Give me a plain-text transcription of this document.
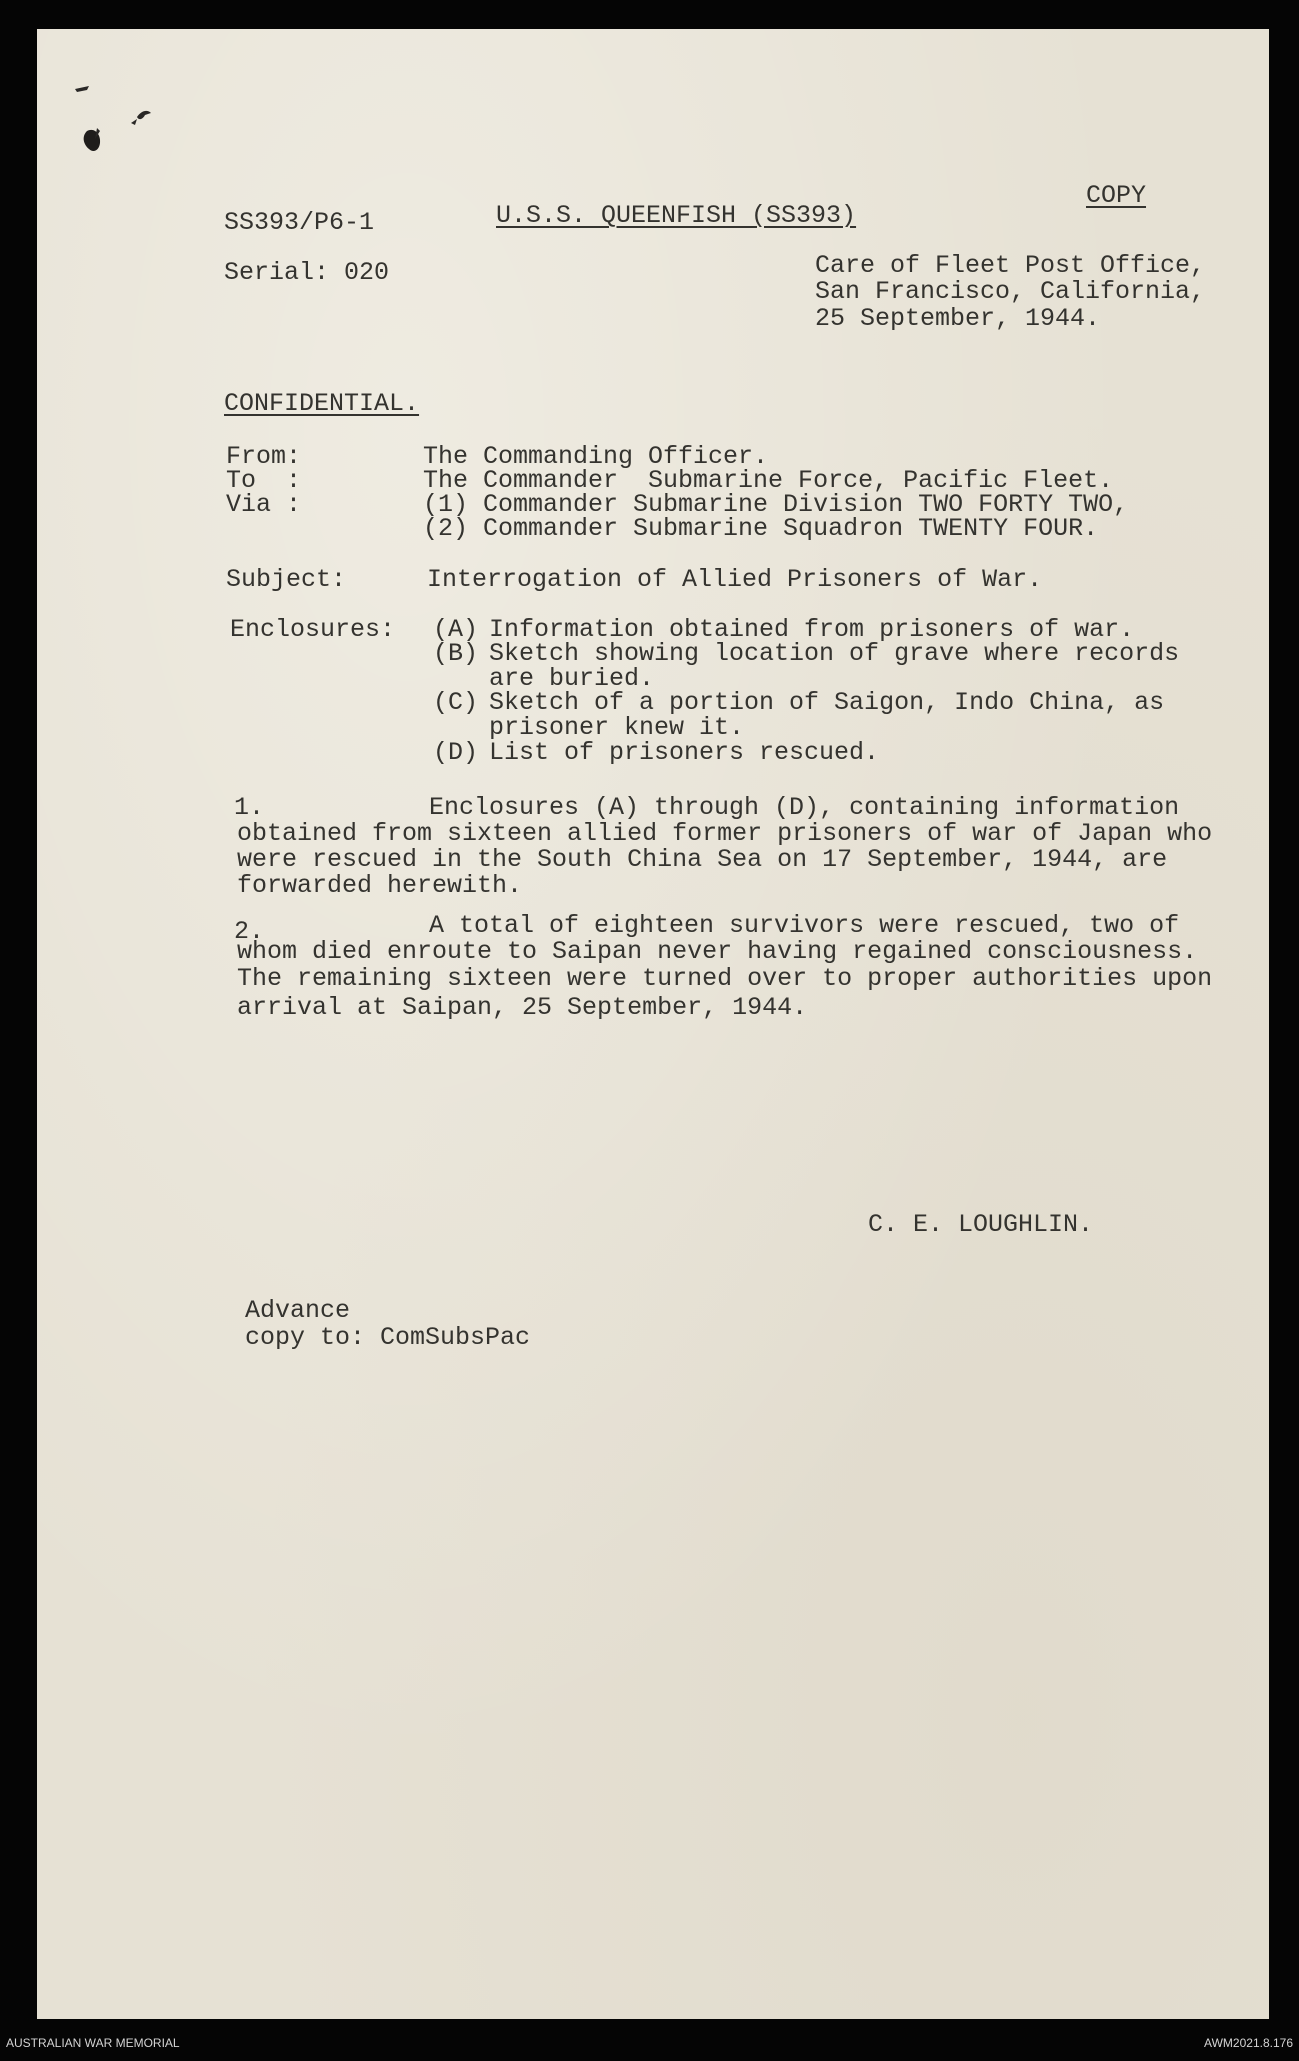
COPY
SS393/P6-1	U.S.S. QUEENFISH (SS393)
Serial: 020	Care of Fleet Post Office,
San Francisco, California,
25 September, 1944.
CONFIDENTIAL.
From:	The Commanding Officer.
To  :	The Commander  Submarine Force, Pacific Fleet.
Via :	(1) Commander Submarine Division TWO FORTY TWO,
(2) Commander Submarine Squadron TWENTY FOUR.
Subject:	Interrogation of Allied Prisoners of War.
Enclosures: (A) Information obtained from prisoners of war.
(B) Sketch showing location of grave where records
are buried.
(C) Sketch of a portion of Saigon, Indo China, as
prisoner knew it.
(D) List of prisoners rescued.
1.	Enclosures (A) through (D), containing information
obtained from sixteen allied former prisoners of war of Japan who
were rescued in the South China Sea on 17 September, 1944, are
forwarded herewith.
2.	A total of eighteen survivors were rescued, two of
whom died enroute to Saipan never having regained consciousness.
The remaining sixteen were turned over to proper authorities upon
arrival at Saipan, 25 September, 1944.
C. E. LOUGHLIN.
Advance
copy to: ComSubsPac
AUSTRALIAN WAR MEMORIAL	AWM2021.8.176
